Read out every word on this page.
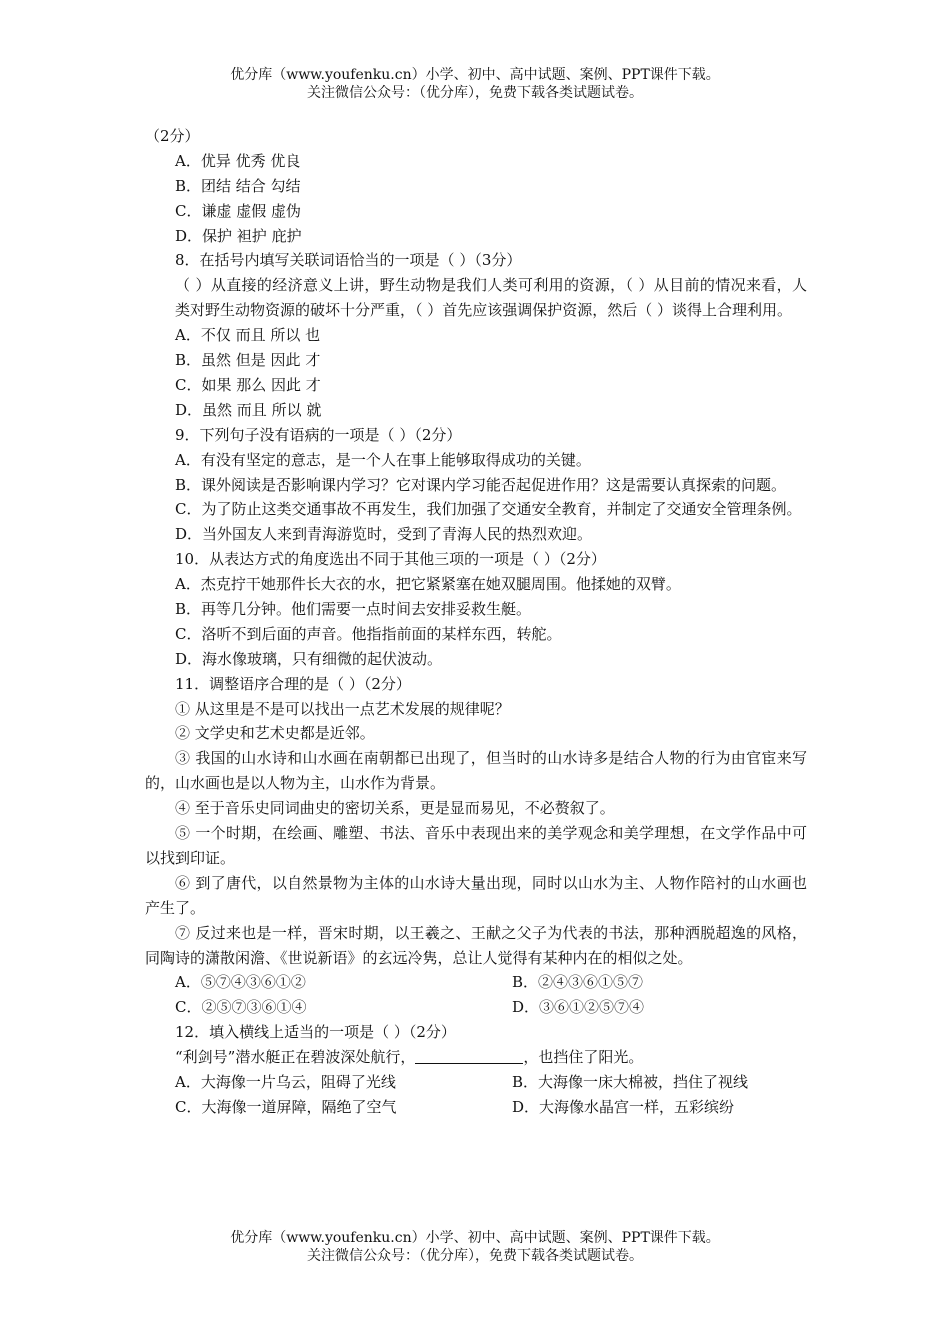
优分库（www.youfenku.cn）小学、初中、高中试题、案例、PPT课件下载。
关注微信公众号：（优分库），免费下载各类试题试卷。
（2分）
A．优异 优秀 优良
B．团结 结合 勾结
C．谦虚 虚假 虚伪
D．保护 袒护 庇护
8．在括号内填写关联词语恰当的一项是（ ）（3分）
（ ）从直接的经济意义上讲，野生动物是我们人类可利用的资源，（ ）从目前的情况来看，人类对野生动物资源的破坏十分严重，（ ）首先应该强调保护资源，然后（ ）谈得上合理利用。
A．不仅 而且 所以 也
B．虽然 但是 因此 才
C．如果 那么 因此 才
D．虽然 而且 所以 就
9．下列句子没有语病的一项是（ ）（2分）
A．有没有坚定的意志，是一个人在事上能够取得成功的关键。
B．课外阅读是否影响课内学习？它对课内学习能否起促进作用？这是需要认真探索的问题。
C．为了防止这类交通事故不再发生，我们加强了交通安全教育，并制定了交通安全管理条例。
D．当外国友人来到青海游览时，受到了青海人民的热烈欢迎。
10．从表达方式的角度选出不同于其他三项的一项是（ ）（2分）
A．杰克拧干她那件长大衣的水，把它紧紧塞在她双腿周围。他揉她的双臂。
B．再等几分钟。他们需要一点时间去安排妥救生艇。
C．洛听不到后面的声音。他指指前面的某样东西，转舵。
D．海水像玻璃，只有细微的起伏波动。
11．调整语序合理的是（ ）（2分）
① 从这里是不是可以找出一点艺术发展的规律呢？
② 文学史和艺术史都是近邻。
③ 我国的山水诗和山水画在南朝都已出现了，但当时的山水诗多是结合人物的行为由官宦来写的，山水画也是以人物为主，山水作为背景。
④ 至于音乐史同词曲史的密切关系，更是显而易见，不必赘叙了。
⑤ 一个时期，在绘画、雕塑、书法、音乐中表现出来的美学观念和美学理想，在文学作品中可以找到印证。
⑥ 到了唐代，以自然景物为主体的山水诗大量出现，同时以山水为主、人物作陪衬的山水画也产生了。
⑦ 反过来也是一样，晋宋时期，以王羲之、王献之父子为代表的书法，那种洒脱超逸的风格，同陶诗的潇散闲澹、《世说新语》的玄远冷隽，总让人觉得有某种内在的相似之处。
A．⑤⑦④③⑥①②	B．②④③⑥①⑤⑦
C．②⑤⑦③⑥①④	D．③⑥①②⑤⑦④
12．填入横线上适当的一项是（ ）（2分）
“利剑号”潜水艇正在碧波深处航行，	，也挡住了阳光。
A．大海像一片乌云，阻碍了光线	B．大海像一床大棉被，挡住了视线
C．大海像一道屏障，隔绝了空气	D．大海像水晶宫一样，五彩缤纷
优分库（www.youfenku.cn）小学、初中、高中试题、案例、PPT课件下载。
关注微信公众号：（优分库），免费下载各类试题试卷。
